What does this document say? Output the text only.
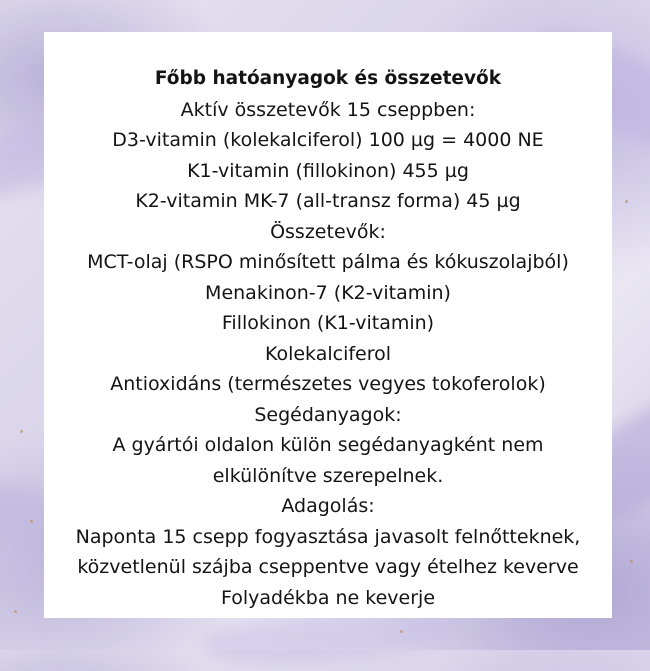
Főbb hatóanyagok és összetevők
Aktív összetevők 15 cseppben:
D3-vitamin (kolekalciferol) 100 µg = 4000 NE
K1-vitamin (fillokinon) 455 µg
K2-vitamin MK-7 (all-transz forma) 45 µg
Összetevők:
MCT-olaj (RSPO minősített pálma és kókuszolajból)
Menakinon-7 (K2-vitamin)
Fillokinon (K1-vitamin)
Kolekalciferol
Antioxidáns (természetes vegyes tokoferolok)
Segédanyagok:
A gyártói oldalon külön segédanyagként nem
elkülönítve szerepelnek.
Adagolás:
Naponta 15 csepp fogyasztása javasolt felnőtteknek,
közvetlenül szájba cseppentve vagy ételhez keverve
Folyadékba ne keverje
